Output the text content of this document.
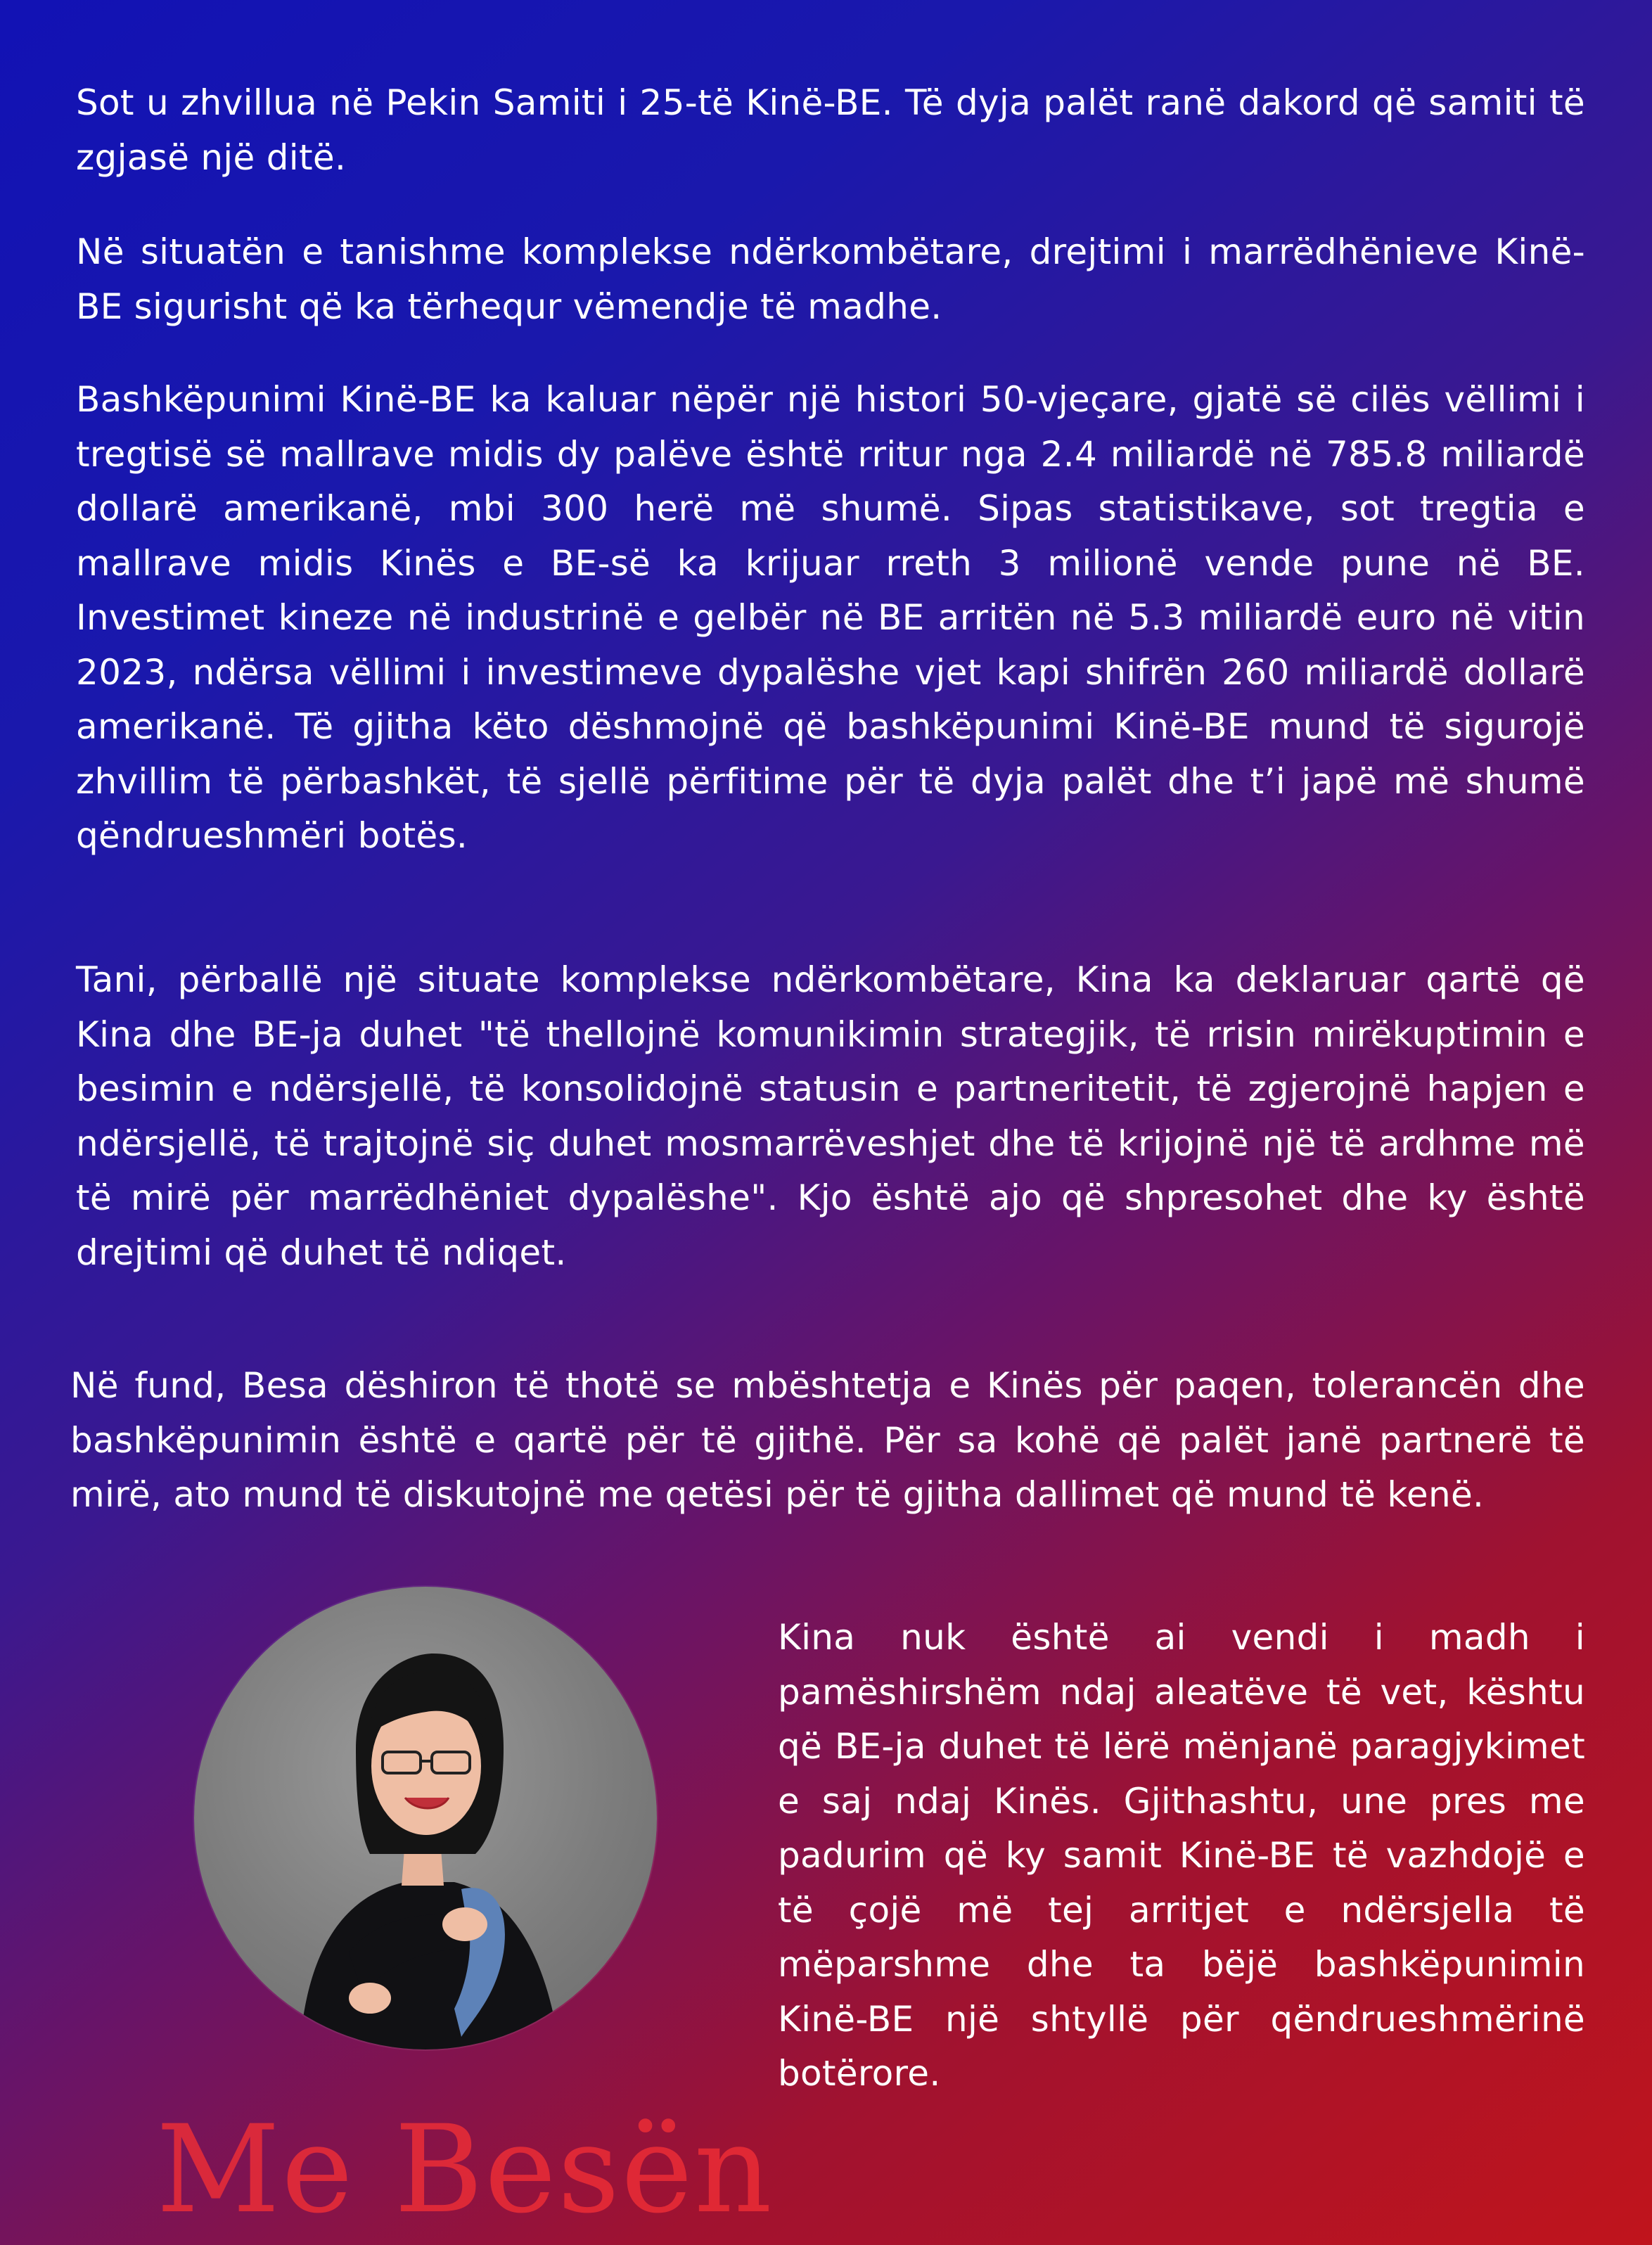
Sot u zhvillua në Pekin Samiti i 25-të Kinë-BE. Të dyja palët ranë dakord që samiti të zgjasë një ditë.

Në situatën e tanishme komplekse ndërkombëtare, drejtimi i marrëdhënieve Kinë-BE sigurisht që ka tërhequr vëmendje të madhe.

Bashkëpunimi Kinë-BE ka kaluar nëpër një histori 50-vjeçare, gjatë së cilës vëllimi i tregtisë së mallrave midis dy palëve është rritur nga 2.4 miliardë në 785.8 miliardë dollarë amerikanë, mbi 300 herë më shumë. Sipas statistikave, sot tregtia e mallrave midis Kinës e BE-së ka krijuar rreth 3 milionë vende pune në BE. Investimet kineze në industrinë e gelbër në BE arritën në 5.3 miliardë euro në vitin 2023, ndërsa vëllimi i investimeve dypalëshe vjet kapi shifrën 260 miliardë dollarë amerikanë. Të gjitha këto dëshmojnë që bashkëpunimi Kinë-BE mund të sigurojë zhvillim të përbashkët, të sjellë përfitime për të dyja palët dhe t’i japë më shumë qëndrueshmëri botës.

Tani, përballë një situate komplekse ndërkombëtare, Kina ka deklaruar qartë që Kina dhe BE-ja duhet "të thellojnë komunikimin strategjik, të rrisin mirëkuptimin e besimin e ndërsjellë, të konsolidojnë statusin e partneritetit, të zgjerojnë hapjen e ndërsjellë, të trajtojnë siç duhet mosmarrëveshjet dhe të krijojnë një të ardhme më të mirë për marrëdhëniet dypalëshe". Kjo është ajo që shpresohet dhe ky është drejtimi që duhet të ndiqet.

Në fund, Besa dëshiron të thotë se mbështetja e Kinës për paqen, tolerancën dhe bashkëpunimin është e qartë për të gjithë. Për sa kohë që palët janë partnerë të mirë, ato mund të diskutojnë me qetësi për të gjitha dallimet që mund të kenë.

Kina nuk është ai vendi i madh i pamëshirshëm ndaj aleatëve të vet, kështu që BE-ja duhet të lërë mënjanë paragjykimet e saj ndaj Kinës. Gjithashtu, une pres me padurim që ky samit Kinë-BE të vazhdojë e të çojë më tej arritjet e ndërsjella të mëparshme dhe ta bëjë bashkëpunimin Kinë-BE një shtyllë për qëndrueshmërinë botërore.

Me Besën
